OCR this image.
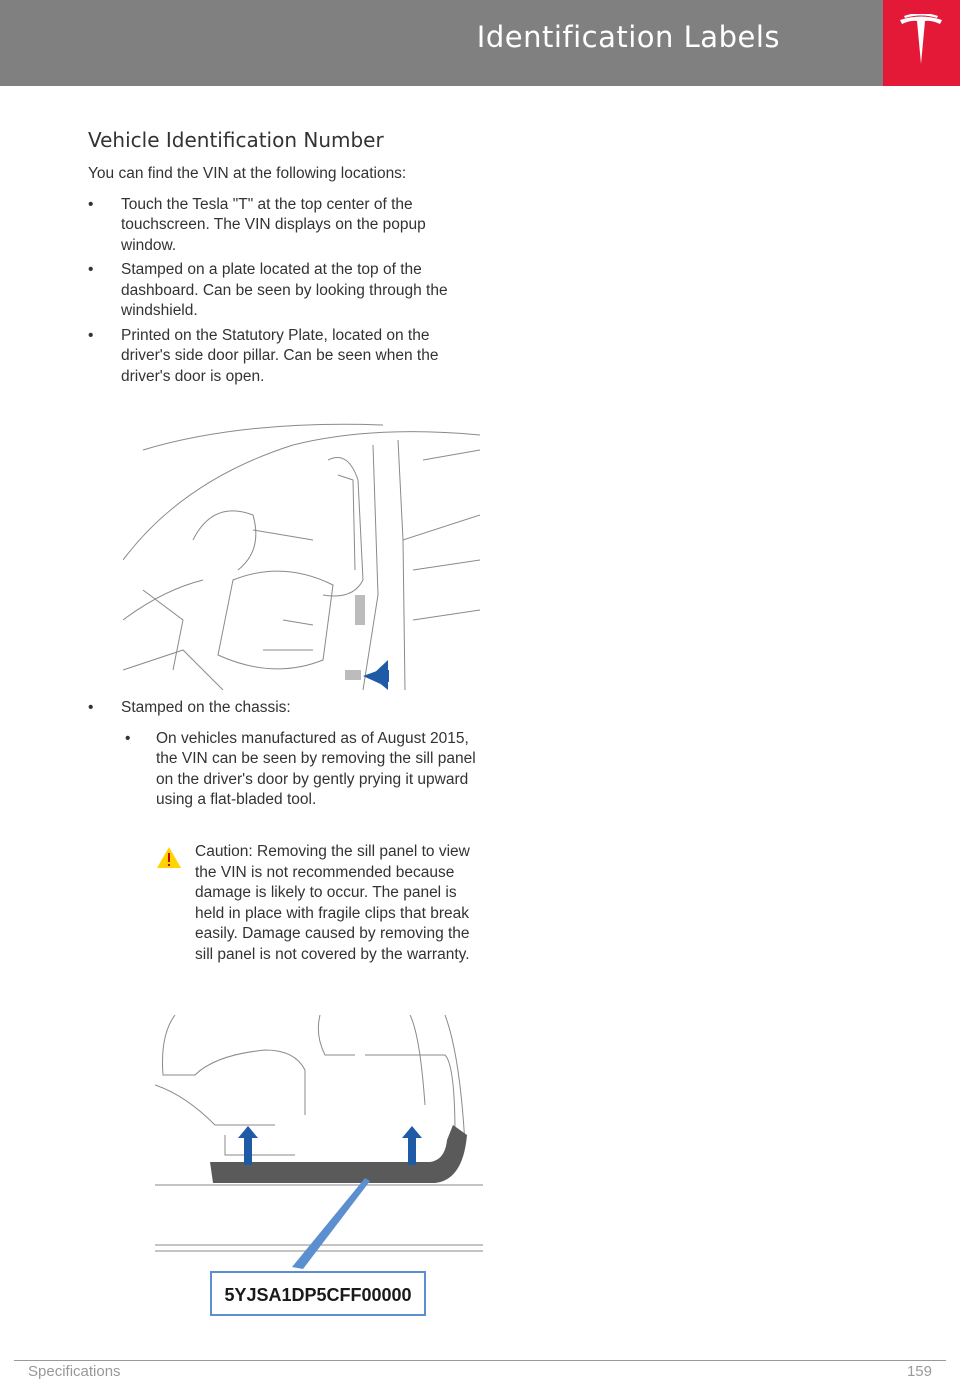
Identification Labels
Vehicle Identification Number

You can find the VIN at the following locations:

•	Touch the Tesla "T" at the top center of the touchscreen. The VIN displays on the popup window.
•	Stamped on a plate located at the top of the dashboard. Can be seen by looking through the windshield.
•	Printed on the Statutory Plate, located on the driver's side door pillar. Can be seen when the driver's door is open.
•	Stamped on the chassis:
• On vehicles manufactured as of August 2015, the VIN can be seen by removing the sill panel on the driver's door by gently prying it upward using a flat-bladed tool.
Caution: Removing the sill panel to view the VIN is not recommended because damage is likely to occur. The panel is held in place with fragile clips that break easily. Damage caused by removing the sill panel is not covered by the warranty.
5YJSA1DP5CFF00000
Specifications	159
